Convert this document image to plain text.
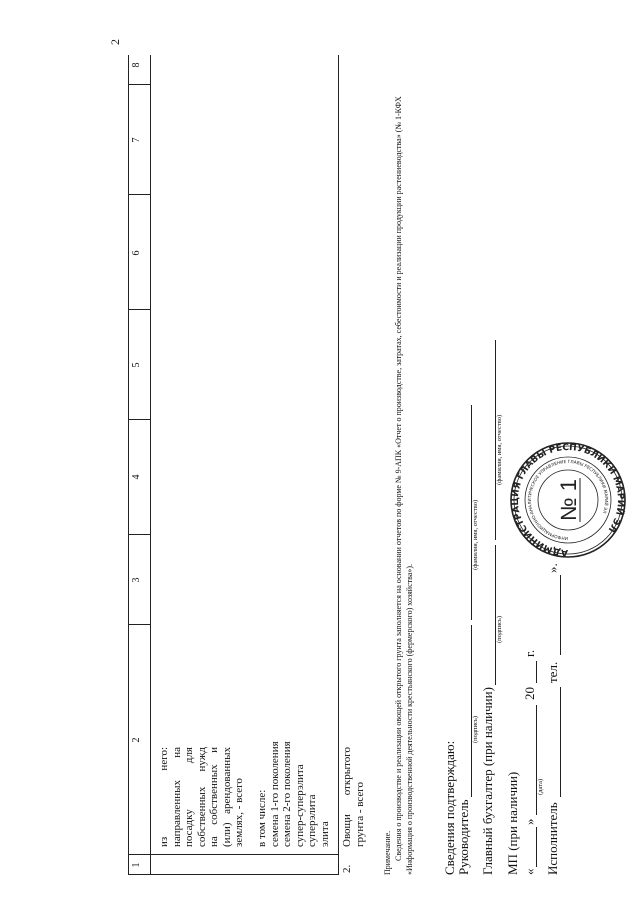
2
1
2
3
4
5
6
7
8
из него: направленных на посадку для собственных нужд на собственных и (или) арендованных землях, - всего в том числе: семена 1-го поколения семена 2-го поколения супер-суперэлита суперэлита элита
2.
Овощи открытого грунта - всего
Примечание. Сведения о производстве и реализации овощей открытого грунта заполняется на основании отчетов по форме № 9-АПК «Отчет о производстве, затратах, себестоимости и реализации продукции растениеводства» (№ 1-КФХ «Информация о производственной деятельности крестьянского (фермерского) хозяйства»). Сведения подтверждаю: Руководитель
(подпись)
(фамилия, имя, отчество)
Главный бухгалтер (при наличии)
(подпись)
(фамилия, имя, отчество)
МП (при наличии) «
»
20
г.
(дата)
Исполнитель
тел.
».
АДМИНИСТРАЦИЯ ГЛАВЫ РЕСПУБЛИКИ МАРИЙ ЭЛ
ИНФОРМАЦИОННО-АНАЛИТИЧЕСКОЕ УПРАВЛЕНИЕ ГЛАВЫ РЕСПУБЛИКИ МАРИЙ ЭЛ
№ 1
